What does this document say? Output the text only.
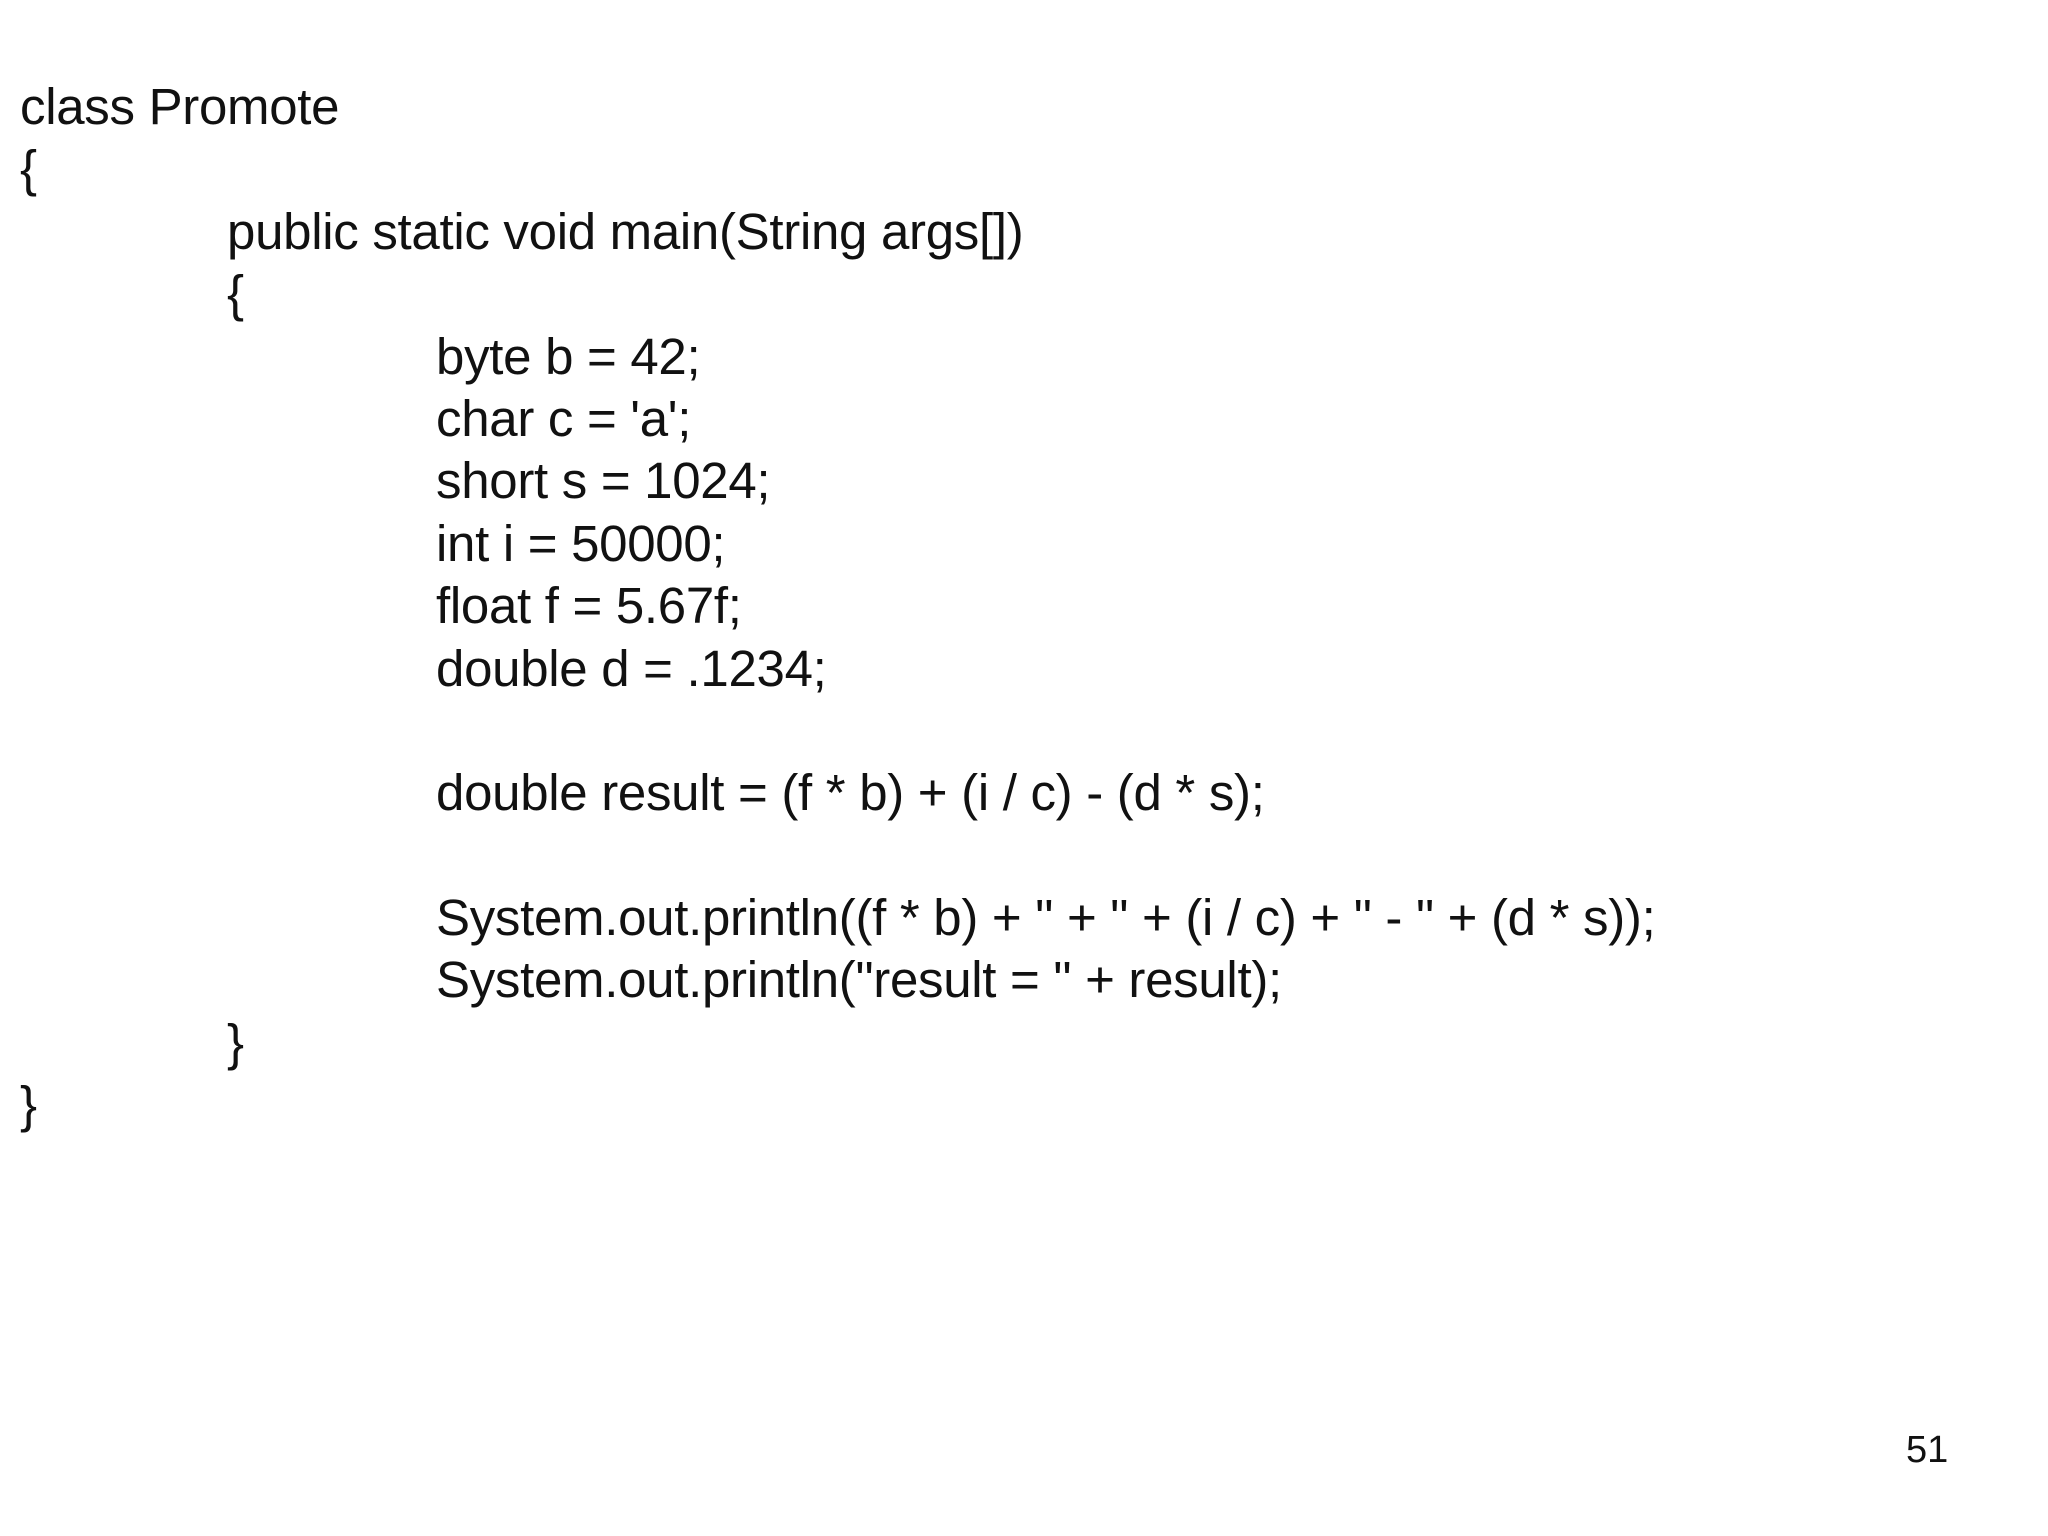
class Promote
{
public static void main(String args[])
{
byte b = 42;
char c = 'a';
short s = 1024;
int i = 50000;
float f = 5.67f;
double d = .1234;
double result = (f * b) + (i / c) - (d * s);
System.out.println((f * b) + " + " + (i / c) + " - " + (d * s));
System.out.println("result = " + result);
}
}
51
